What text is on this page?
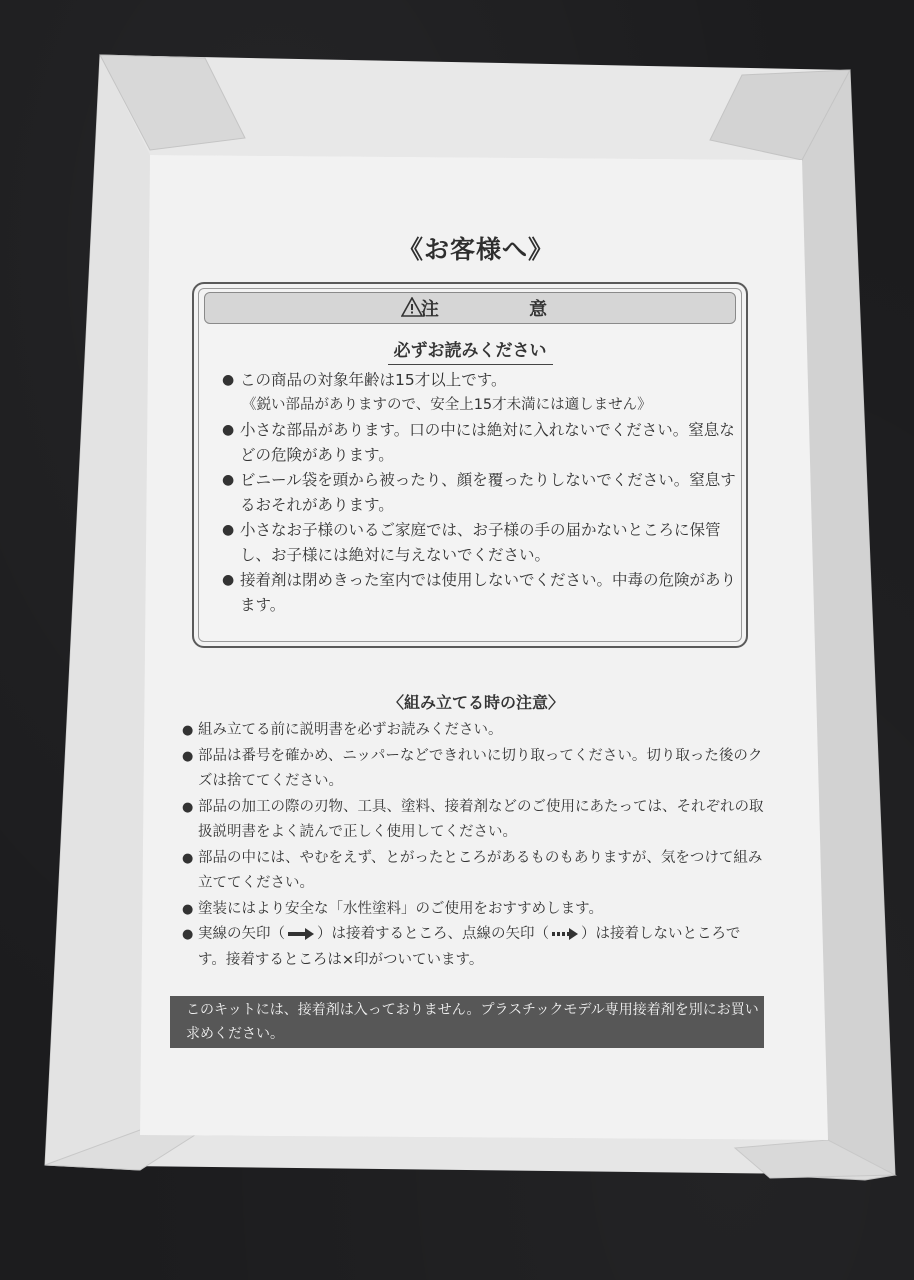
《お客様へ》
注 意
必ずお読みください
● この商品の対象年齢は15才以上です。
《鋭い部品がありますので、安全上15才未満には適しません》
● 小さな部品があります。口の中には絶対に入れないでください。窒息などの危険があります。
● ビニール袋を頭から被ったり、顔を覆ったりしないでください。窒息するおそれがあります。
● 小さなお子様のいるご家庭では、お子様の手の届かないところに保管し、お子様には絶対に与えないでください。
● 接着剤は閉めきった室内では使用しないでください。中毒の危険があります。
〈組み立てる時の注意〉
● 組み立てる前に説明書を必ずお読みください。
● 部品は番号を確かめ、ニッパーなどできれいに切り取ってください。切り取った後のクズは捨ててください。
● 部品の加工の際の刃物、工具、塗料、接着剤などのご使用にあたっては、それぞれの取扱説明書をよく読んで正しく使用してください。
● 部品の中には、やむをえず、とがったところがあるものもありますが、気をつけて組み立ててください。
● 塗装にはより安全な「水性塗料」のご使用をおすすめします。
● 実線の矢印（ ）は接着するところ、点線の矢印（ ）は接着しないところです。接着するところは×印がついています。
このキットには、接着剤は入っておりません。プラスチックモデル専用接着剤を別にお買い求めください。
